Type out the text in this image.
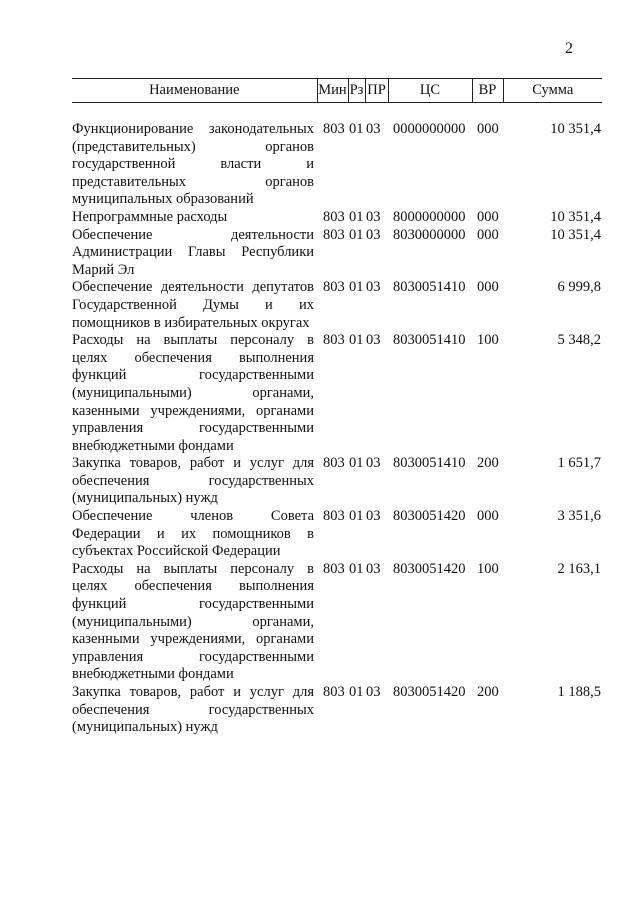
2
Наименование	Мин	Рз	ПР	ЦС	ВР	Сумма

Функционирование законодательных (представительных) органов государственной власти и представительных органов муниципальных образований	803	01	03	0000000000	000	10 351,4
Непрограммные расходы	803	01	03	8000000000	000	10 351,4
Обеспечение деятельности Администрации Главы Республики Марий Эл	803	01	03	8030000000	000	10 351,4
Обеспечение деятельности депутатов Государственной Думы и их помощников в избирательных округах	803	01	03	8030051410	000	6 999,8
Расходы на выплаты персоналу в целях обеспечения выполнения функций государственными (муниципальными) органами, казенными учреждениями, органами управления государственными внебюджетными фондами	803	01	03	8030051410	100	5 348,2
Закупка товаров, работ и услуг для обеспечения государственных (муниципальных) нужд	803	01	03	8030051410	200	1 651,7
Обеспечение членов Совета Федерации и их помощников в субъектах Российской Федерации	803	01	03	8030051420	000	3 351,6
Расходы на выплаты персоналу в целях обеспечения выполнения функций государственными (муниципальными) органами, казенными учреждениями, органами управления государственными внебюджетными фондами	803	01	03	8030051420	100	2 163,1
Закупка товаров, работ и услуг для обеспечения государственных (муниципальных) нужд	803	01	03	8030051420	200	1 188,5
